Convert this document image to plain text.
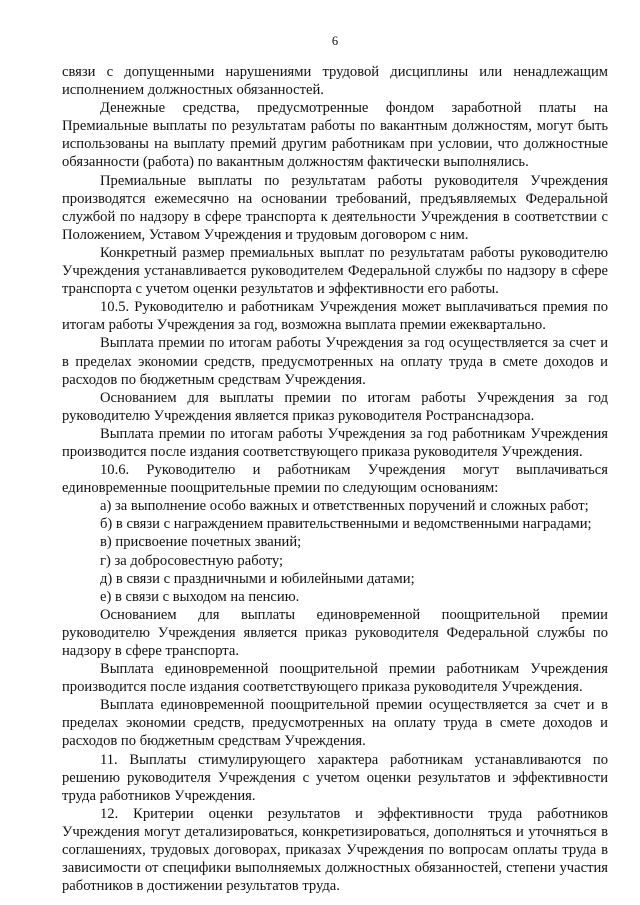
6

связи с допущенными нарушениями трудовой дисциплины или ненадлежащим исполнением должностных обязанностей.

Денежные средства, предусмотренные фондом заработной платы на Премиальные выплаты по результатам работы по вакантным должностям, могут быть использованы на выплату премий другим работникам при условии, что должностные обязанности (работа) по вакантным должностям фактически выполнялись.

Премиальные выплаты по результатам работы руководителя Учреждения производятся ежемесячно на основании требований, предъявляемых Федеральной службой по надзору в сфере транспорта к деятельности Учреждения в соответствии с Положением, Уставом Учреждения и трудовым договором с ним.

Конкретный размер премиальных выплат по результатам работы руководителю Учреждения устанавливается руководителем Федеральной службы по надзору в сфере транспорта с учетом оценки результатов и эффективности его работы.

10.5. Руководителю и работникам Учреждения может выплачиваться премия по итогам работы Учреждения за год, возможна выплата премии ежеквартально.

Выплата премии по итогам работы Учреждения за год осуществляется за счет и в пределах экономии средств, предусмотренных на оплату труда в смете доходов и расходов по бюджетным средствам Учреждения.

Основанием для выплаты премии по итогам работы Учреждения за год руководителю Учреждения является приказ руководителя Ространснадзора.

Выплата премии по итогам работы Учреждения за год работникам Учреждения производится после издания соответствующего приказа руководителя Учреждения.

10.6. Руководителю и работникам Учреждения могут выплачиваться единовременные поощрительные премии по следующим основаниям:

а) за выполнение особо важных и ответственных поручений и сложных работ;

б) в связи с награждением правительственными и ведомственными наградами;

в) присвоение почетных званий;

г) за добросовестную работу;

д) в связи с праздничными и юбилейными датами;

е) в связи с выходом на пенсию.

Основанием для выплаты единовременной поощрительной премии руководителю Учреждения является приказ руководителя Федеральной службы по надзору в сфере транспорта.

Выплата единовременной поощрительной премии работникам Учреждения производится после издания соответствующего приказа руководителя Учреждения.

Выплата единовременной поощрительной премии осуществляется за счет и в пределах экономии средств, предусмотренных на оплату труда в смете доходов и расходов по бюджетным средствам Учреждения.

11. Выплаты стимулирующего характера работникам устанавливаются по решению руководителя Учреждения с учетом оценки результатов и эффективности труда работников Учреждения.

12. Критерии оценки результатов и эффективности труда работников Учреждения могут детализироваться, конкретизироваться, дополняться и уточняться в соглашениях, трудовых договорах, приказах Учреждения по вопросам оплаты труда в зависимости от специфики выполняемых должностных обязанностей, степени участия работников в достижении результатов труда.
